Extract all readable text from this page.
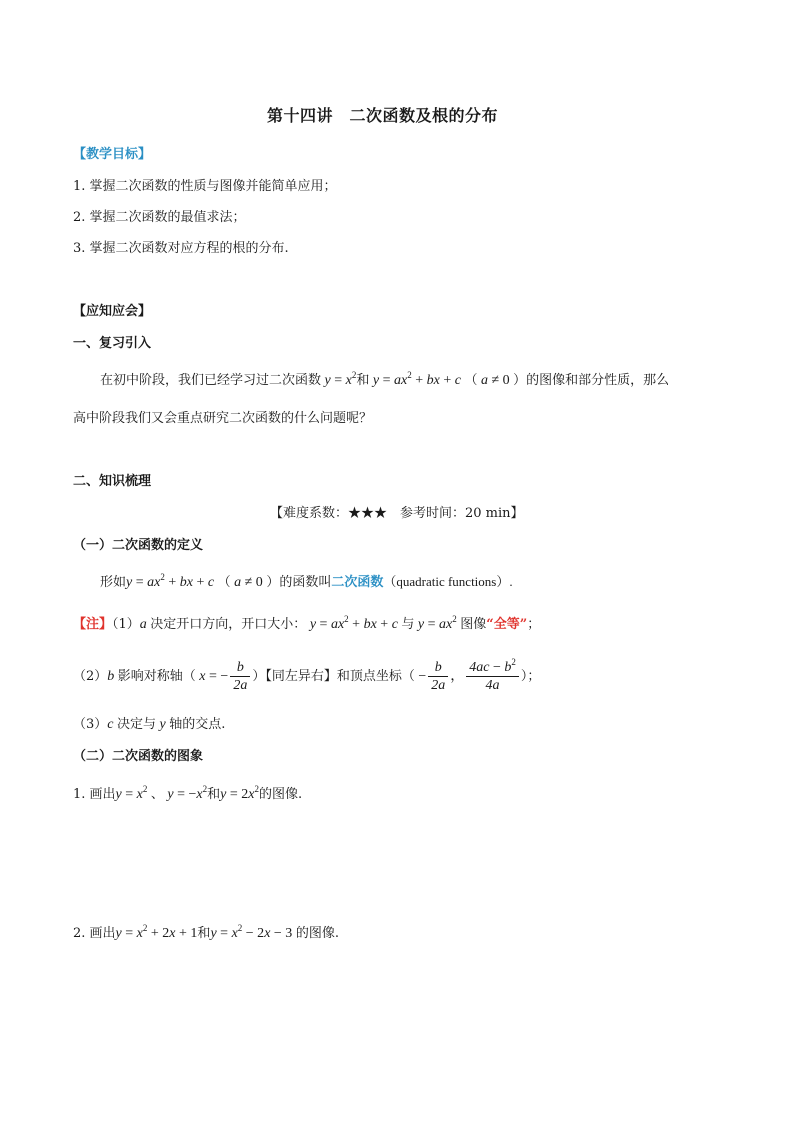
第十四讲　二次函数及根的分布
【教学目标】
1. 掌握二次函数的性质与图像并能简单应用；
2. 掌握二次函数的最值求法；
3. 掌握二次函数对应方程的根的分布.
【应知应会】
一、复习引入
在初中阶段，我们已经学习过二次函数 $y = x^2$和 $y = ax^2$ + bx + c （ a ≠ 0 ）的图像和部分性质，那么
高中阶段我们又会重点研究二次函数的什么问题呢？
二、知识梳理
【难度系数：★★★　参考时间：20 min】
（一）二次函数的定义
形如$y = ax^2$ + bx + c （ a ≠ 0 ）的函数叫二次函数（quadratic functions）.
【注】（1）a 决定开口方向，开口大小： $y = ax^2$ + bx + c 与 $y = ax^2$ 图像“全等”；
（2）b 影响对称轴（ x = − $\frac{b}{2a}$ ）【同左异右】和顶点坐标（ − $\frac{b}{2a}$ ， $\frac{4ac - b^2}{4a}$ ）；
（3）c 决定与 y 轴的交点.
（二）二次函数的图象
1. 画出$y = x^2$ 、 $y = -x^2$和$y = 2x^2$的图像.
2. 画出$y = x^2 + 2x + 1$和$y = x^2 - 2x - 3$ 的图像.
